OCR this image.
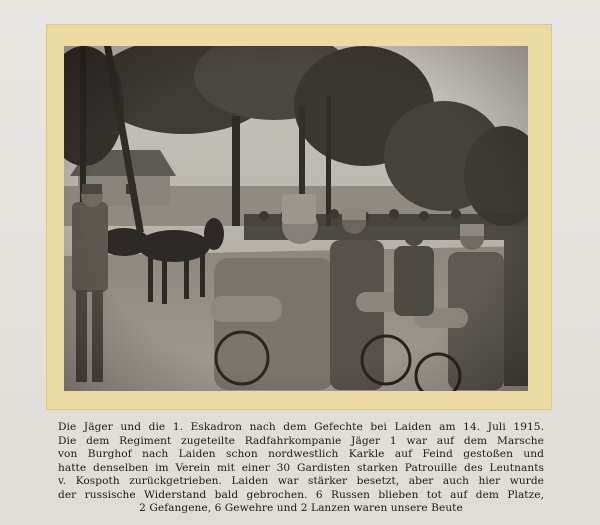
Die Jäger und die 1. Eskadron nach dem Gefechte bei Laiden am 14. Juli 1915.
Die dem Regiment zugeteilte Radfahrkompanie Jäger 1 war auf dem Marsche
von Burghof nach Laiden schon nordwestlich Karkle auf Feind gestoßen und
hatte denselben im Verein mit einer 30 Gardisten starken Patrouille des Leutnants
v. Kospoth zurückgetrieben. Laiden war stärker besetzt, aber auch hier wurde
der russische Widerstand bald gebrochen. 6 Russen blieben tot auf dem Platze,
2 Gefangene, 6 Gewehre und 2 Lanzen waren unsere Beute
